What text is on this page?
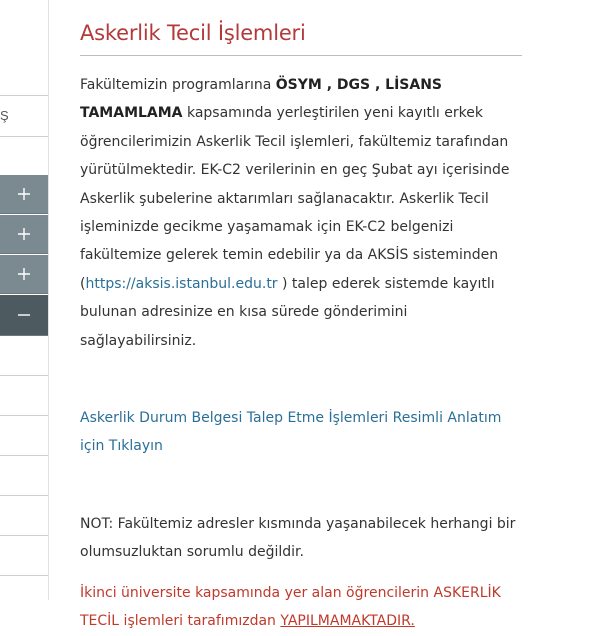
Ş
Askerlik Tecil İşlemleri

Fakültemizin programlarına ÖSYM , DGS , LİSANS TAMAMLAMA kapsamında yerleştirilen yeni kayıtlı erkek öğrencilerimizin Askerlik Tecil işlemleri, fakültemiz tarafından yürütülmektedir. EK-C2 verilerinin en geç Şubat ayı içerisinde Askerlik şubelerine aktarımları sağlanacaktır. Askerlik Tecil işleminizde gecikme yaşamamak için EK-C2 belgenizi fakültemize gelerek temin edebilir ya da AKSİS sisteminden (https://aksis.istanbul.edu.tr ) talep ederek sistemde kayıtlı bulunan adresinize en kısa sürede gönderimini sağlayabilirsiniz.

Askerlik Durum Belgesi Talep Etme İşlemleri Resimli Anlatım için Tıklayın

NOT: Fakültemiz adresler kısmında yaşanabilecek herhangi bir olumsuzluktan sorumlu değildir.

İkinci üniversite kapsamında yer alan öğrencilerin ASKERLİK TECİL işlemleri tarafımızdan YAPILMAMAKTADIR.
